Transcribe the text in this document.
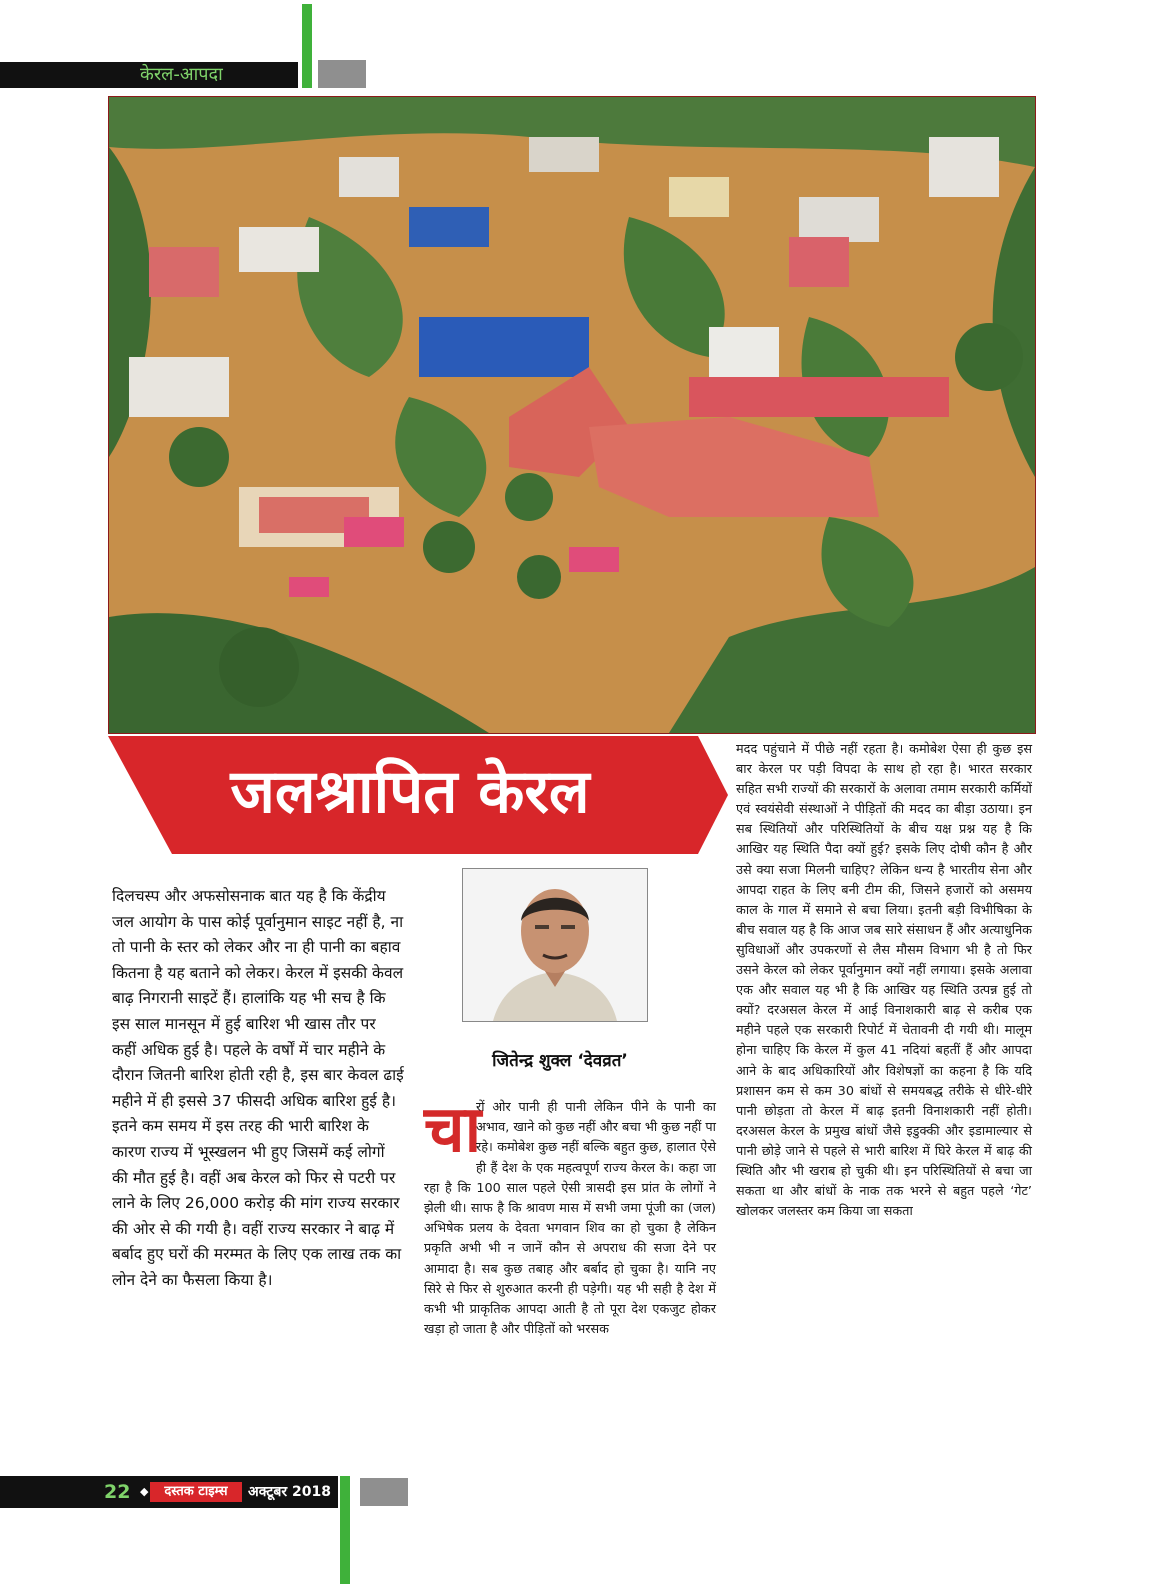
केरल-आपदा
जलश्रापित केरल
दिलचस्प और अफसोसनाक बात यह है कि केंद्रीय जल आयोग के पास कोई पूर्वानुमान साइट नहीं है, ना तो पानी के स्तर को लेकर और ना ही पानी का बहाव कितना है यह बताने को लेकर। केरल में इसकी केवल बाढ़ निगरानी साइटें हैं। हालांकि यह भी सच है कि इस साल मानसून में हुई बारिश भी खास तौर पर कहीं अधिक हुई है। पहले के वर्षों में चार महीने के दौरान जितनी बारिश होती रही है, इस बार केवल ढाई महीने में ही इससे 37 फीसदी अधिक बारिश हुई है। इतने कम समय में इस तरह की भारी बारिश के कारण राज्य में भूस्खलन भी हुए जिसमें कई लोगों की मौत हुई है। वहीं अब केरल को फिर से पटरी पर लाने के लिए 26,000 करोड़ की मांग राज्य सरकार की ओर से की गयी है। वहीं राज्य सरकार ने बाढ़ में बर्बाद हुए घरों की मरम्मत के लिए एक लाख तक का लोन देने का फैसला किया है।
जितेन्द्र शुक्ल ‘देवव्रत’
चा
रों ओर पानी ही पानी लेकिन पीने के पानी का अभाव, खाने को कुछ नहीं और बचा भी कुछ नहीं पा रहे। कमोबेश कुछ नहीं बल्कि बहुत कुछ, हालात ऐसे ही हैं देश के एक महत्वपूर्ण राज्य केरल के। कहा जा रहा है कि 100 साल पहले ऐसी त्रासदी इस प्रांत के लोगों ने झेली थी। साफ है कि श्रावण मास में सभी जमा पूंजी का (जल) अभिषेक प्रलय के देवता भगवान शिव का हो चुका है लेकिन प्रकृति अभी भी न जानें कौन से अपराध की सजा देने पर आमादा है। सब कुछ तबाह और बर्बाद हो चुका है। यानि नए सिरे से फिर से शुरुआत करनी ही पड़ेगी। यह भी सही है देश में कभी भी प्राकृतिक आपदा आती है तो पूरा देश एकजुट होकर खड़ा हो जाता है और पीड़ितों को भरसक
मदद पहुंचाने में पीछे नहीं रहता है। कमोबेश ऐसा ही कुछ इस बार केरल पर पड़ी विपदा के साथ हो रहा है। भारत सरकार सहित सभी राज्यों की सरकारों के अलावा तमाम सरकारी कर्मियों एवं स्वयंसेवी संस्थाओं ने पीड़ितों की मदद का बीड़ा उठाया। इन सब स्थितियों और परिस्थितियों के बीच यक्ष प्रश्न यह है कि आखिर यह स्थिति पैदा क्यों हुई? इसके लिए दोषी कौन है और उसे क्या सजा मिलनी चाहिए? लेकिन धन्य है भारतीय सेना और आपदा राहत के लिए बनी टीम की, जिसने हजारों को असमय काल के गाल में समाने से बचा लिया। इतनी बड़ी विभीषिका के बीच सवाल यह है कि आज जब सारे संसाधन हैं और अत्याधुनिक सुविधाओं और उपकरणों से लैस मौसम विभाग भी है तो फिर उसने केरल को लेकर पूर्वानुमान क्यों नहीं लगाया। इसके अलावा एक और सवाल यह भी है कि आखिर यह स्थिति उत्पन्न हुई तो क्यों? दरअसल केरल में आई विनाशकारी बाढ़ से करीब एक महीने पहले एक सरकारी रिपोर्ट में चेतावनी दी गयी थी। मालूम होना चाहिए कि केरल में कुल 41 नदियां बहतीं हैं और आपदा आने के बाद अधिकारियों और विशेषज्ञों का कहना है कि यदि प्रशासन कम से कम 30 बांधों से समयबद्ध तरीके से धीरे-धीरे पानी छोड़ता तो केरल में बाढ़ इतनी विनाशकारी नहीं होती। दरअसल केरल के प्रमुख बांधों जैसे इडुक्की और इडामाल्यार से पानी छोड़े जाने से पहले से भारी बारिश में घिरे केरल में बाढ़ की स्थिति और भी खराब हो चुकी थी। इन परिस्थितियों से बचा जा सकता था और बांधों के नाक तक भरने से बहुत पहले ‘गेट’ खोलकर जलस्तर कम किया जा सकता
22 ◆	दस्तक टाइम्स	अक्टूबर 2018
